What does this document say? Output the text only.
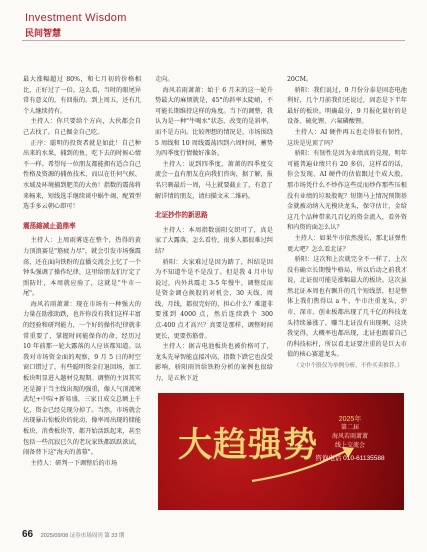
Investment Wisdom
民间智慧

最大涨幅超过 80%，和七月初的价格相比，正好过了一倍。这么看，当时的眼尾异常有意义的，有回报的。到上周五，还有几个人继续持有。

主持人：你只要给个方向，大伙都会自己去找了。自己掘金自己吃。

正序：聪明的投资者就是如此！自己种出来的水果，捕到的鱼，吃下去的时候心情不一样。希望每一位朋友都能拥有适合自己性格及资源的捕鱼技术，而以在任何气候、水域及环境捕到肥美的大鱼！指数的震荡将来畅来，短线选手继续谈中蜗牛竭，配置型选手多云朝心即可！

震荡縮减止盈鼎率

主持人：上周雨雾连在整个，热得的黄力顶浪赛是"筋疲力尽"，就会引发市场强震荡，还在面向铁粉的直播交流会上忆了一个钟头强调了操作纪律，这里给朋友们厅定了照防针，本周就应验了，这就是"牛市一尾"。

海风若雨萧萧：现在市场有一种强大的力量在助涨助跌，也许你没有我们这样丰富的经验和研判能力，一个好的操作纪律就非常重要了，掌握时间能保你的命，经历过 10 年前那一轮大露落的人应该都知道。以我对市场资金面的观察，9 月 5 日的时空窗口错过了，有些聪明资金打退回场，加工板块明显进入题材兑现期。调整的主因其实还是源于当主线出现的强重，像人气顶流寒武纪+中际+新易盛，三家日成交总额上千亿，资金已经兑现分掉了。当然，市场就会出现暴击惊板块的轮动，像率周出现的储能板块、消费板块等，都开始活跃起来，甚至包括一些沉寂已久的老玩家铁都跃跃欲试，闹备替下这"海天的盖幕"。

主持人：研判一下调整后的市场

走向。

海风若雨萧萧：始于 6 月末的这一轮升势最大的麻烦就是，45°的斜率太陡峭，不可能长期维持这样的角度。当下的调整，我认为是一种"牛喝水"状态，改变的是斜率，而不是方向。比较理想的情况是，市场围绕 5 周线和 10 周线震荡四到六周时间，蓄势为四季度行情做好准备。

主持人：说到四季度，萧萧的四季度交流会一直有朋友在向我们咨询，据了解，报名只剩最后一周，马上就要截止了，有意了解详情的朋友，请扫描文末二维码。

北证抄作的新思路

主持人：本周指数弱阳交织可了，真是家了大露落，怎么看待，很多人都很难过纠结？

骄阳：大家难过是因为踏了，纠结是因为不知道牛是不是没了。但是我 4 月中旬说过，内外共震走 3-5 年慢牛，调整反而是资金调仓换股的对机会，30 天线、周线、月线，都很完好的，担心什么？难道非要涨到 4000 点，然后连续跌个 300 点-400 点才高兴？真要是那样，调整时间更长，更要伤筋骨。

主持人：据吉电池板块也被价格可了，龙头先导智能直接冲高，指数下跌它也没受影响，骄阳雨旨给铁粉分析的案例也很给力，是五秋下近

20CM。

骄阳：我们说过，9 月份分泰是固态电池利好，几个月前我们还说过，固态是下半年最好的板块。明确最分，9 月报化量好的是设备、硫化锂、六氟磷酸锂。

主持人：AI 硬件再五也走得很有韧性，这块是见顶了吗？

骄阳：有韧性是因为业绩真的兑现，明年可能普遍业绩只有 20 多倍，这样看的话，你会发现，AI 硬件的估值跟过个成大股，那市场凭什么不炒作这些反而炒作那些压根没有业绩的垃圾股呢？短期马上情况预期基金就被动纳入光模块龙头，保守估计，金给这几个品种带来几百亿的资金流入，看外资和内资的面怎么认？

主持人：如果牛市依然漫长，那北证弹性更大吧？怎么看北证？

骄阳：这次和上次就完全不一样了，上次没有确立长期慢牛格局，所以后动之前我才说，北证很可能是涨幅最大的板块。这次虽然北证本周也有飘升的几个短线票，但是整体上我们焦得以 a 牛，牛市注重龙头，沪市、深市、创业板都出现了几千亿的科技龙头持续暴涨了，赚当北证没有出现啊，这块我觉得，大概率也都出现，北证也跟着自己的科技标杆，所以看北证要注重的是巨大市值的核心赛道龙头。

（文中个股仅为举例分析，不作买卖推荐。）

大趋强势
2025年
第二届
海风若雨萧萧
线上交流会
咨询电话 010-61135588
66 2025/09/08 证券市场周刊 第 33 期
